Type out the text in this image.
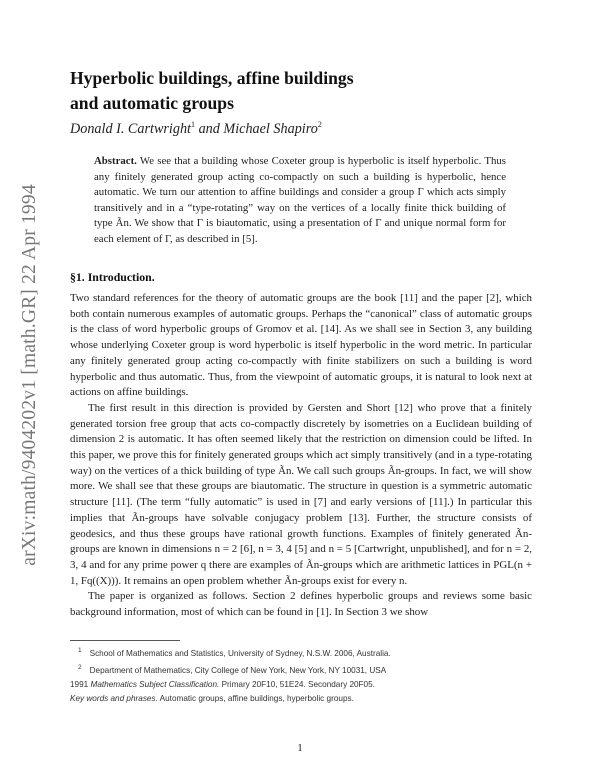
arXiv:math/9404202v1 [math.GR] 22 Apr 1994
Hyperbolic buildings, affine buildings
and automatic groups
Donald I. Cartwright$^1$ and Michael Shapiro$^2$
Abstract. We see that a building whose Coxeter group is hyperbolic is itself hyperbolic. Thus any finitely generated group acting co-compactly on such a building is hyperbolic, hence automatic. We turn our attention to affine buildings and consider a group Γ which acts simply transitively and in a “type-rotating” way on the vertices of a locally finite thick building of type Ãn. We show that Γ is biautomatic, using a presentation of Γ and unique normal form for each element of Γ, as described in [5].
§1. Introduction.

Two standard references for the theory of automatic groups are the book [11] and the paper [2], which both contain numerous examples of automatic groups. Perhaps the “canonical” class of automatic groups is the class of word hyperbolic groups of Gromov et al. [14]. As we shall see in Section 3, any building whose underlying Coxeter group is word hyperbolic is itself hyperbolic in the word metric. In particular any finitely generated group acting co-compactly with finite stabilizers on such a building is word hyperbolic and thus automatic. Thus, from the viewpoint of automatic groups, it is natural to look next at actions on affine buildings.

The first result in this direction is provided by Gersten and Short [12] who prove that a finitely generated torsion free group that acts co-compactly discretely by isometries on a Euclidean building of dimension 2 is automatic. It has often seemed likely that the restriction on dimension could be lifted. In this paper, we prove this for finitely generated groups which act simply transitively (and in a type-rotating way) on the vertices of a thick building of type Ãn. We call such groups Ãn-groups. In fact, we will show more. We shall see that these groups are biautomatic. The structure in question is a symmetric automatic structure [11]. (The term “fully automatic” is used in [7] and early versions of [11].) In particular this implies that Ãn-groups have solvable conjugacy problem [13]. Further, the structure consists of geodesics, and thus these groups have rational growth functions. Examples of finitely generated Ãn-groups are known in dimensions n = 2 [6], n = 3, 4 [5] and n = 5 [Cartwright, unpublished], and for n = 2, 3, 4 and for any prime power q there are examples of Ãn-groups which are arithmetic lattices in PGL(n + 1, Fq((X))). It remains an open problem whether Ãn-groups exist for every n.

The paper is organized as follows. Section 2 defines hyperbolic groups and reviews some basic background information, most of which can be found in [1]. In Section 3 we show

$^1$ School of Mathematics and Statistics, University of Sydney, N.S.W. 2006, Australia.
$^2$ Department of Mathematics, City College of New York, New York, NY 10031, USA
1991 Mathematics Subject Classification. Primary 20F10, 51E24. Secondary 20F05.
Key words and phrases. Automatic groups, affine buildings, hyperbolic groups.
1
